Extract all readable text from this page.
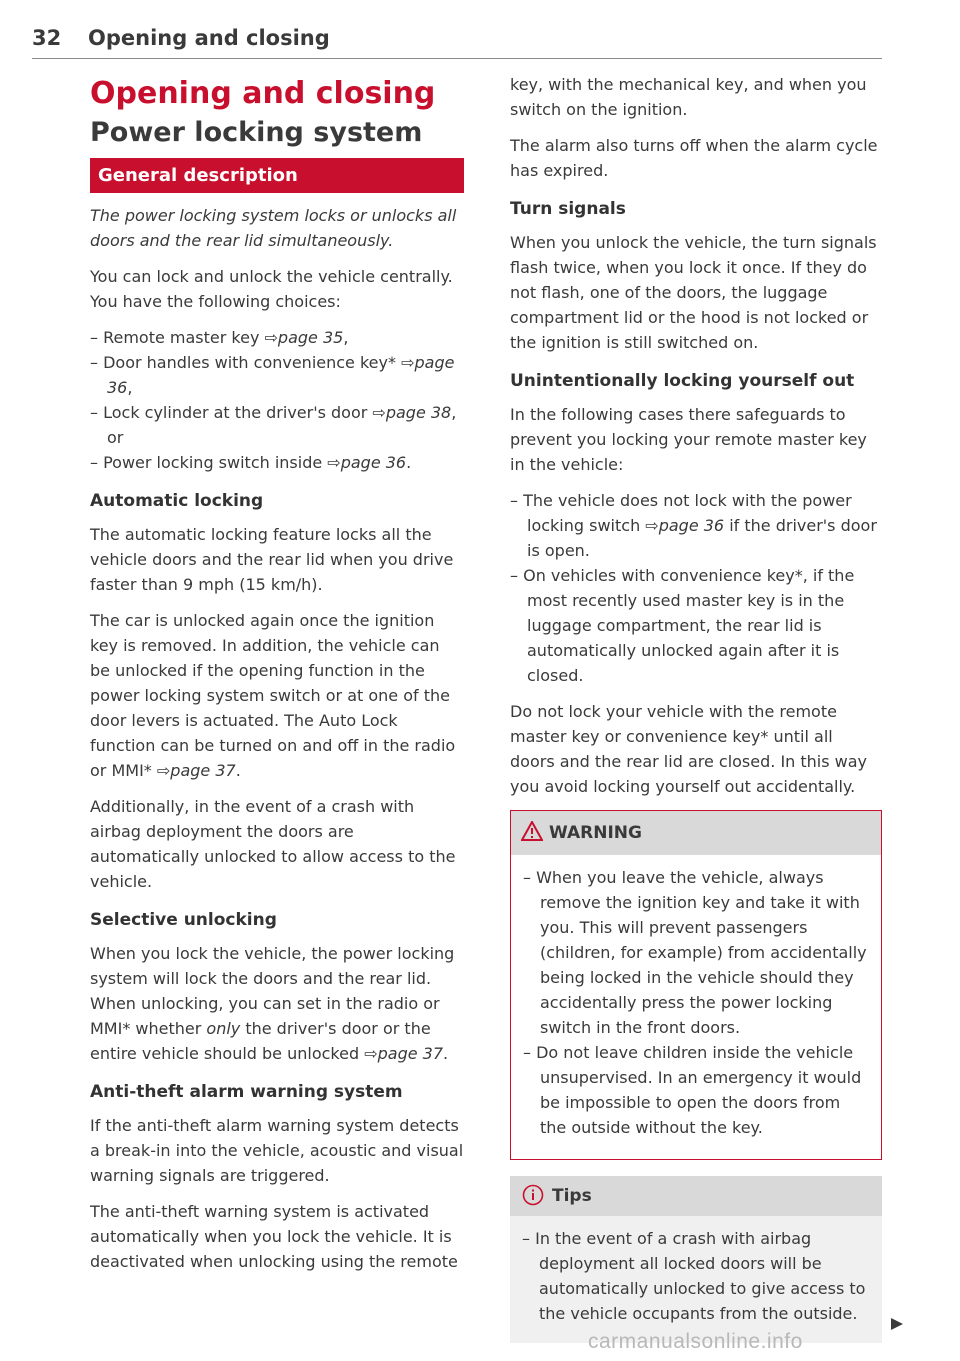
32 Opening and closing
Opening and closing
Power locking system
General description

The power locking system locks or unlocks all doors and the rear lid simultaneously.

You can lock and unlock the vehicle centrally. You have the following choices:

– Remote master key ⇨page 35,
– Door handles with convenience key* ⇨page 36,
– Lock cylinder at the driver's door ⇨page 38, or
– Power locking switch inside ⇨page 36.
Automatic locking

The automatic locking feature locks all the vehicle doors and the rear lid when you drive faster than 9 mph (15 km/h).

The car is unlocked again once the ignition key is removed. In addition, the vehicle can be unlocked if the opening function in the power locking system switch or at one of the door levers is actuated. The Auto Lock function can be turned on and off in the radio or MMI* ⇨page 37.

Additionally, in the event of a crash with airbag deployment the doors are automatically unlocked to allow access to the vehicle.

Selective unlocking

When you lock the vehicle, the power locking system will lock the doors and the rear lid. When unlocking, you can set in the radio or MMI* whether only the driver's door or the entire vehicle should be unlocked ⇨page 37.

Anti-theft alarm warning system

If the anti-theft alarm warning system detects a break-in into the vehicle, acoustic and visual warning signals are triggered.

The anti-theft warning system is activated automatically when you lock the vehicle. It is deactivated when unlocking using the remote

key, with the mechanical key, and when you switch on the ignition.

The alarm also turns off when the alarm cycle has expired.

Turn signals

When you unlock the vehicle, the turn signals flash twice, when you lock it once. If they do not flash, one of the doors, the luggage compartment lid or the hood is not locked or the ignition is still switched on.

Unintentionally locking yourself out

In the following cases there safeguards to prevent you locking your remote master key in the vehicle:

– The vehicle does not lock with the power locking switch ⇨page 36 if the driver's door is open.
– On vehicles with convenience key*, if the most recently used master key is in the luggage compartment, the rear lid is automatically unlocked again after it is closed.

Do not lock your vehicle with the remote master key or convenience key* until all doors and the rear lid are closed. In this way you avoid locking yourself out accidentally.

WARNING
– When you leave the vehicle, always remove the ignition key and take it with you. This will prevent passengers (children, for example) from accidentally being locked in the vehicle should they accidentally press the power locking switch in the front doors.
– Do not leave children inside the vehicle unsupervised. In an emergency it would be impossible to open the doors from the outside without the key.
Tips
– In the event of a crash with airbag deployment all locked doors will be automatically unlocked to give access to the vehicle occupants from the outside.
carmanualsonline.info
